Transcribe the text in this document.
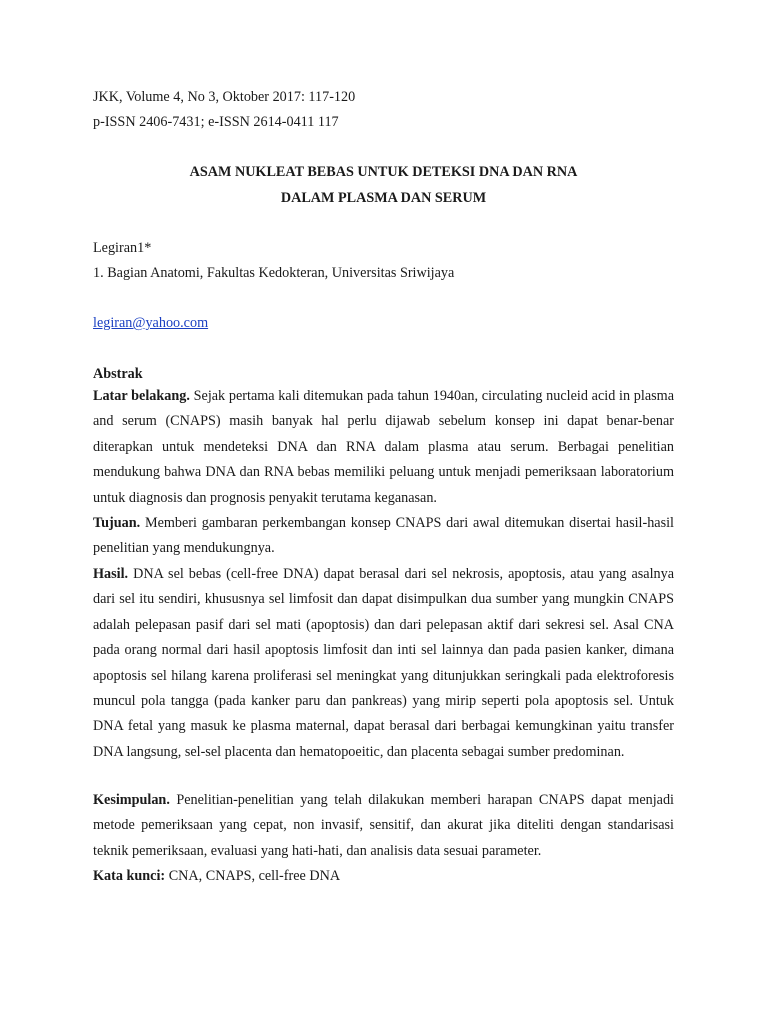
JKK, Volume 4, No 3, Oktober 2017: 117-120
p-ISSN 2406-7431; e-ISSN 2614-0411 117
ASAM NUKLEAT BEBAS UNTUK DETEKSI DNA DAN RNA
DALAM PLASMA DAN SERUM
Legiran1*
1. Bagian Anatomi, Fakultas Kedokteran, Universitas Sriwijaya
legiran@yahoo.com
Abstrak
Latar belakang. Sejak pertama kali ditemukan pada tahun 1940an, circulating nucleid acid in plasma and serum (CNAPS) masih banyak hal perlu dijawab sebelum konsep ini dapat benar-benar diterapkan untuk mendeteksi DNA dan RNA dalam plasma atau serum. Berbagai penelitian mendukung bahwa DNA dan RNA bebas memiliki peluang untuk menjadi pemeriksaan laboratorium untuk diagnosis dan prognosis penyakit terutama keganasan.
Tujuan. Memberi gambaran perkembangan konsep CNAPS dari awal ditemukan disertai hasil-hasil penelitian yang mendukungnya.
Hasil. DNA sel bebas (cell-free DNA) dapat berasal dari sel nekrosis, apoptosis, atau yang asalnya dari sel itu sendiri, khususnya sel limfosit dan dapat disimpulkan dua sumber yang mungkin CNAPS adalah pelepasan pasif dari sel mati (apoptosis) dan dari pelepasan aktif dari sekresi sel. Asal CNA pada orang normal dari hasil apoptosis limfosit dan inti sel lainnya dan pada pasien kanker, dimana apoptosis sel hilang karena proliferasi sel meningkat yang ditunjukkan seringkali pada elektroforesis muncul pola tangga (pada kanker paru dan pankreas) yang mirip seperti pola apoptosis sel. Untuk DNA fetal yang masuk ke plasma maternal, dapat berasal dari berbagai kemungkinan yaitu transfer DNA langsung, sel-sel placenta dan hematopoeitic, dan placenta sebagai sumber predominan.
Kesimpulan. Penelitian-penelitian yang telah dilakukan memberi harapan CNAPS dapat menjadi metode pemeriksaan yang cepat, non invasif, sensitif, dan akurat jika diteliti dengan standarisasi teknik pemeriksaan, evaluasi yang hati-hati, dan analisis data sesuai parameter.
Kata kunci: CNA, CNAPS, cell-free DNA
